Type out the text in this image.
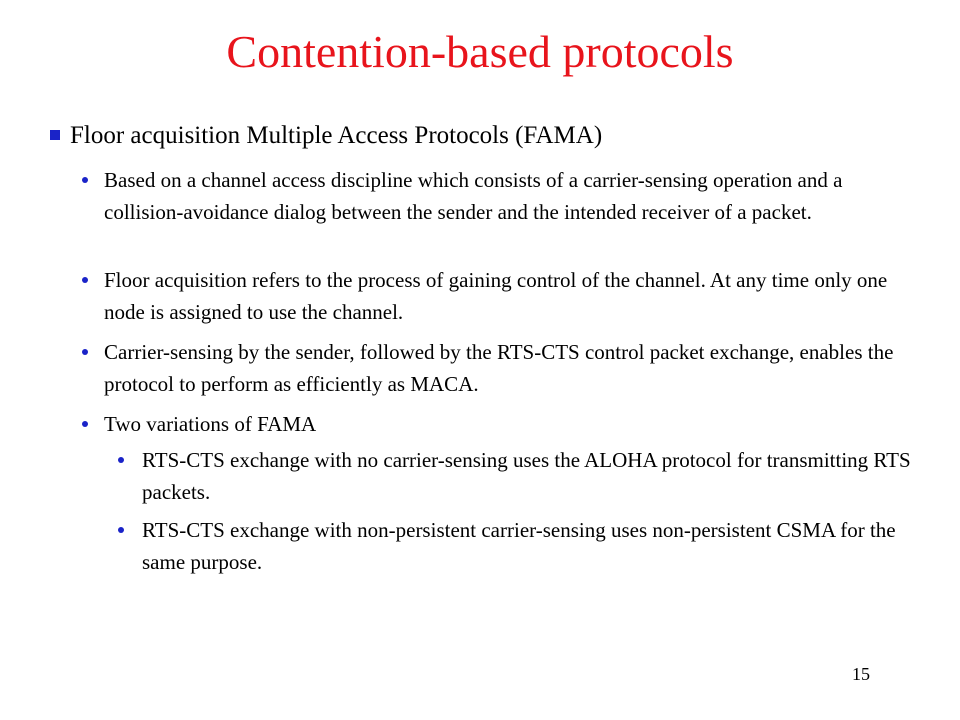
Contention-based protocols
Floor acquisition Multiple Access Protocols (FAMA)
Based on a channel access discipline which consists of a carrier-sensing operation and a collision-avoidance dialog between the sender and the intended receiver of a packet.
Floor acquisition refers to the process of gaining control of the channel. At any time only one node is assigned to use the channel.
Carrier-sensing by the sender, followed by the RTS-CTS control packet exchange, enables the protocol to perform as efficiently as MACA.
Two variations of FAMA
RTS-CTS exchange with no carrier-sensing uses the ALOHA protocol for transmitting RTS packets.
RTS-CTS exchange with non-persistent carrier-sensing uses non-persistent CSMA for the same purpose.
15
